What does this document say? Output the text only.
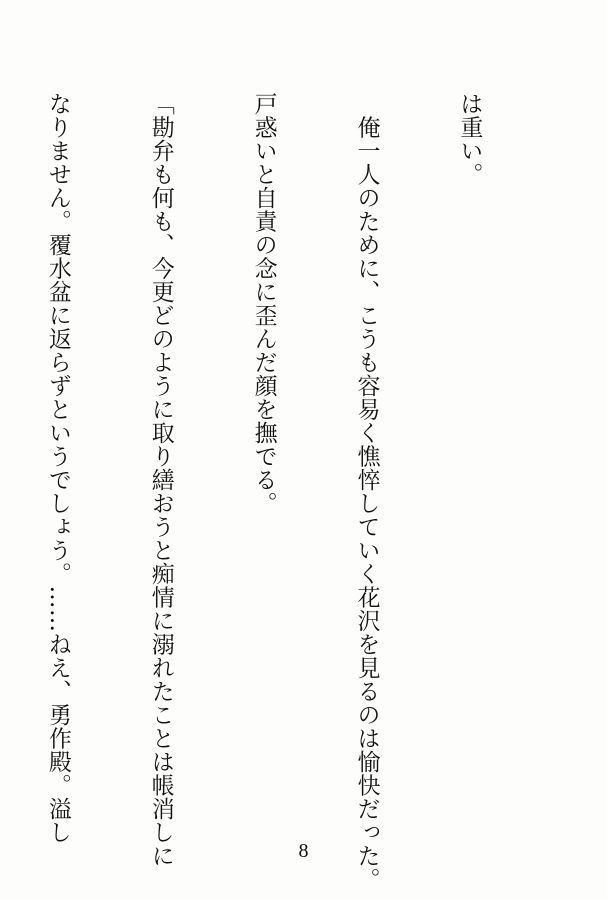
は重い。

　俺一人のために、こうも容易く憔悴していく花沢を見るのは愉快だった。

戸惑いと自責の念に歪んだ顔を撫でる。

「勘弁も何も、今更どのように取り繕おうと痴情に溺れたことは帳消しに

なりません。覆水盆に返らずというでしょう。……ねえ、勇作殿。溢し

8
